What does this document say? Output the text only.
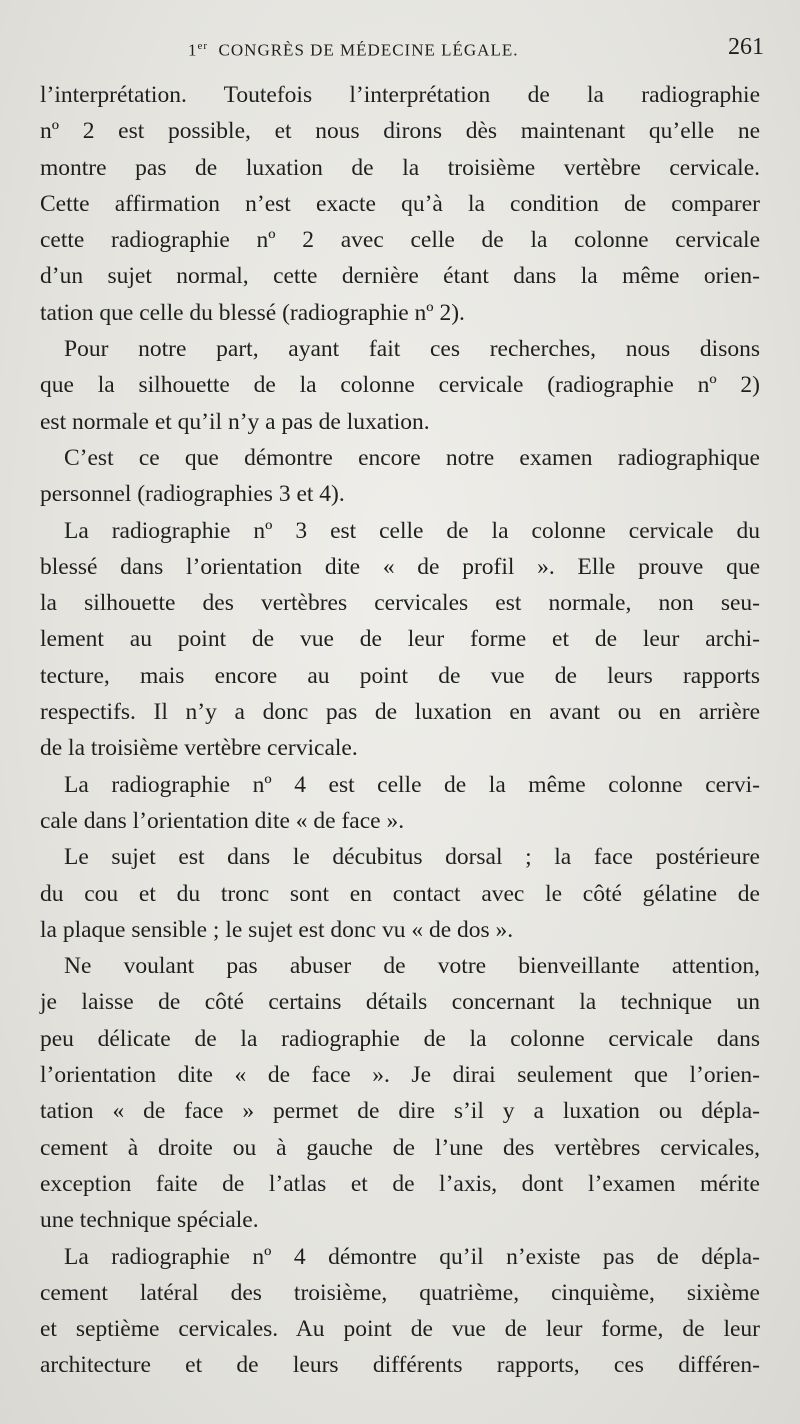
1er CONGRÈS DE MÉDECINE LÉGALE.	261
l’interprétation. Toutefois l’interprétation de la radiographie
nº 2 est possible, et nous dirons dès maintenant qu’elle ne
montre pas de luxation de la troisième vertèbre cervicale.
Cette affirmation n’est exacte qu’à la condition de comparer
cette radiographie nº 2 avec celle de la colonne cervicale
d’un sujet normal, cette dernière étant dans la même orien-
tation que celle du blessé (radiographie nº 2).
Pour notre part, ayant fait ces recherches, nous disons
que la silhouette de la colonne cervicale (radiographie nº 2)
est normale et qu’il n’y a pas de luxation.
C’est ce que démontre encore notre examen radiographique
personnel (radiographies 3 et 4).
La radiographie nº 3 est celle de la colonne cervicale du
blessé dans l’orientation dite « de profil ». Elle prouve que
la silhouette des vertèbres cervicales est normale, non seu-
lement au point de vue de leur forme et de leur archi-
tecture, mais encore au point de vue de leurs rapports
respectifs. Il n’y a donc pas de luxation en avant ou en arrière
de la troisième vertèbre cervicale.
La radiographie nº 4 est celle de la même colonne cervi-
cale dans l’orientation dite « de face ».
Le sujet est dans le décubitus dorsal ; la face postérieure
du cou et du tronc sont en contact avec le côté gélatine de
la plaque sensible ; le sujet est donc vu « de dos ».
Ne voulant pas abuser de votre bienveillante attention,
je laisse de côté certains détails concernant la technique un
peu délicate de la radiographie de la colonne cervicale dans
l’orientation dite « de face ». Je dirai seulement que l’orien-
tation « de face » permet de dire s’il y a luxation ou dépla-
cement à droite ou à gauche de l’une des vertèbres cervicales,
exception faite de l’atlas et de l’axis, dont l’examen mérite
une technique spéciale.
La radiographie nº 4 démontre qu’il n’existe pas de dépla-
cement latéral des troisième, quatrième, cinquième, sixième
et septième cervicales. Au point de vue de leur forme, de leur
architecture et de leurs différents rapports, ces différen-
